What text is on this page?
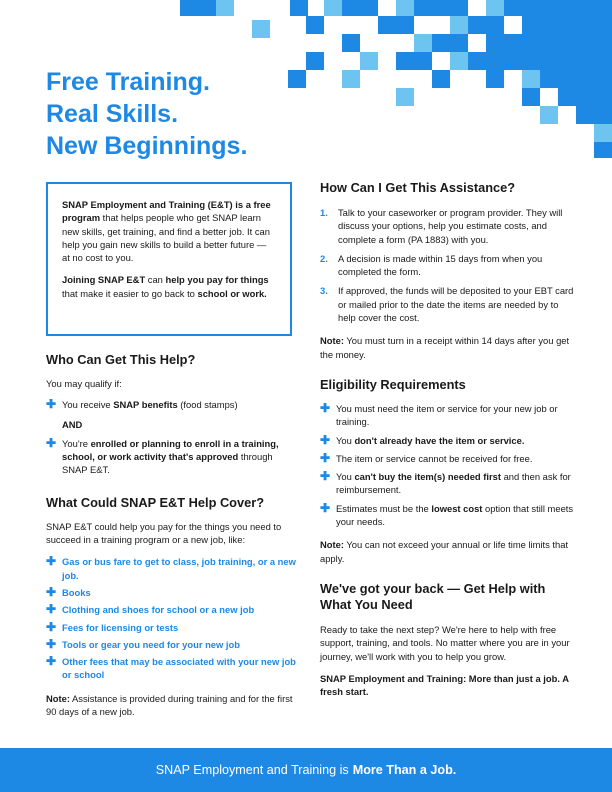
Free Training.
Real Skills.
New Beginnings.

SNAP Employment and Training (E&T) is a free program that helps people who get SNAP learn new skills, get training, and find a better job. It can help you gain new skills to build a better future — at no cost to you.

Joining SNAP E&T can help you pay for things that make it easier to go back to school or work.

Who Can Get This Help?

You may qualify if:

✚ You receive SNAP benefits (food stamps)
AND
✚ You're enrolled or planning to enroll in a training, school, or work activity that's approved through SNAP E&T.
What Could SNAP E&T Help Cover?

SNAP E&T could help you pay for the things you need to succeed in a training program or a new job, like:

✚ Gas or bus fare to get to class, job training, or a new job.
✚ Books
✚ Clothing and shoes for school or a new job
✚ Fees for licensing or tests
✚ Tools or gear you need for your new job
✚ Other fees that may be associated with your new job or school

Note: Assistance is provided during training and for the first 90 days of a new job.

How Can I Get This Assistance?
1. Talk to your caseworker or program provider. They will discuss your options, help you estimate costs, and complete a form (PA 1883) with you.
2. A decision is made within 15 days from when you completed the form.
3. If approved, the funds will be deposited to your EBT card or mailed prior to the date the items are needed by to help cover the cost.

Note: You must turn in a receipt within 14 days after you get the money.

Eligibility Requirements
✚ You must need the item or service for your new job or training.
✚ You don't already have the item or service.
✚ The item or service cannot be received for free.
✚ You can't buy the item(s) needed first and then ask for reimbursement.
✚ Estimates must be the lowest cost option that still meets your needs.

Note: You can not exceed your annual or life time limits that apply.

We've got your back — Get Help with What You Need

Ready to take the next step? We're here to help with free support, training, and tools. No matter where you are in your journey, we'll work with you to help you grow.

SNAP Employment and Training: More than just a job. A fresh start.

SNAP Employment and Training is More Than a Job.
